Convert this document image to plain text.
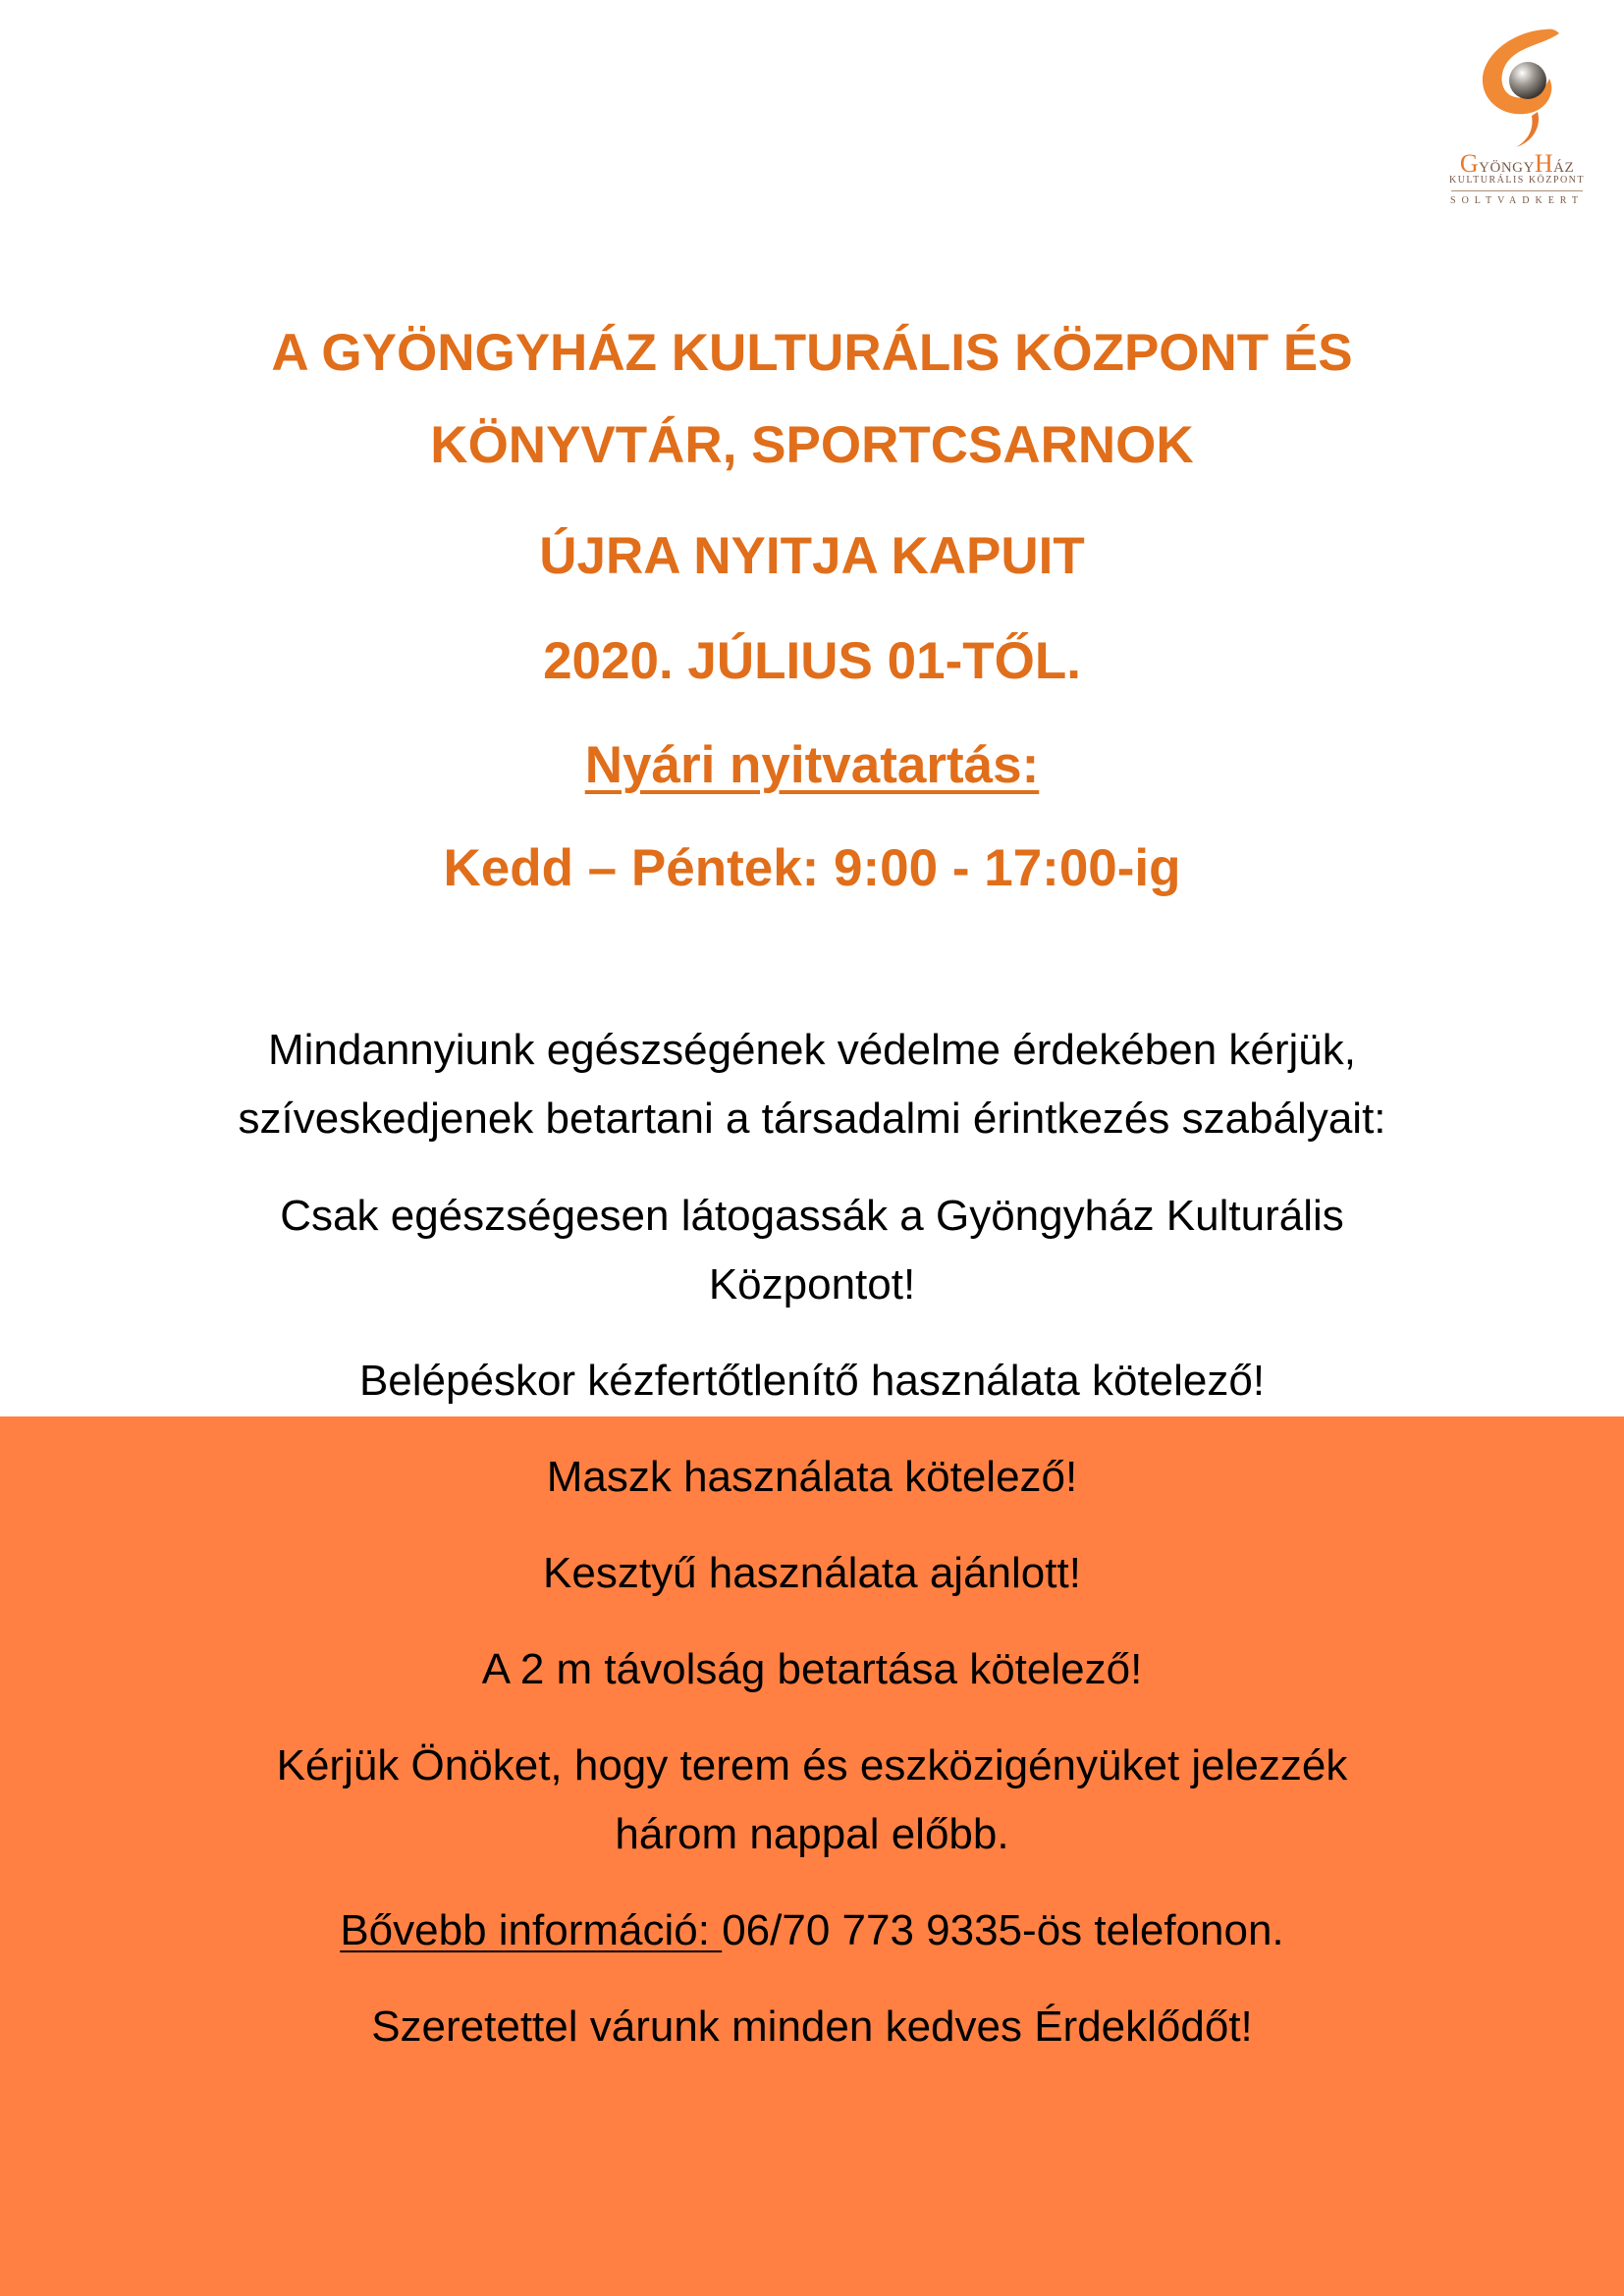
GyöngyHáz
KULTURÁLIS KÖZPONT
SOLTVADKERT
A GYÖNGYHÁZ KULTURÁLIS KÖZPONT ÉS
KÖNYVTÁR, SPORTCSARNOK

ÚJRA NYITJA KAPUIT

2020. JÚLIUS 01-TŐL.

Nyári nyitvatartás:

Kedd – Péntek: 9:00 - 17:00-ig

Mindannyiunk egészségének védelme érdekében kérjük,
szíveskedjenek betartani a társadalmi érintkezés szabályait:

Csak egészségesen látogassák a Gyöngyház Kulturális
Központot!

Belépéskor kézfertőtlenítő használata kötelező!

Maszk használata kötelező!

Kesztyű használata ajánlott!

A 2 m távolság betartása kötelező!

Kérjük Önöket, hogy terem és eszközigényüket jelezzék
három nappal előbb.

Bővebb információ: 06/70 773 9335-ös telefonon.

Szeretettel várunk minden kedves Érdeklődőt!
